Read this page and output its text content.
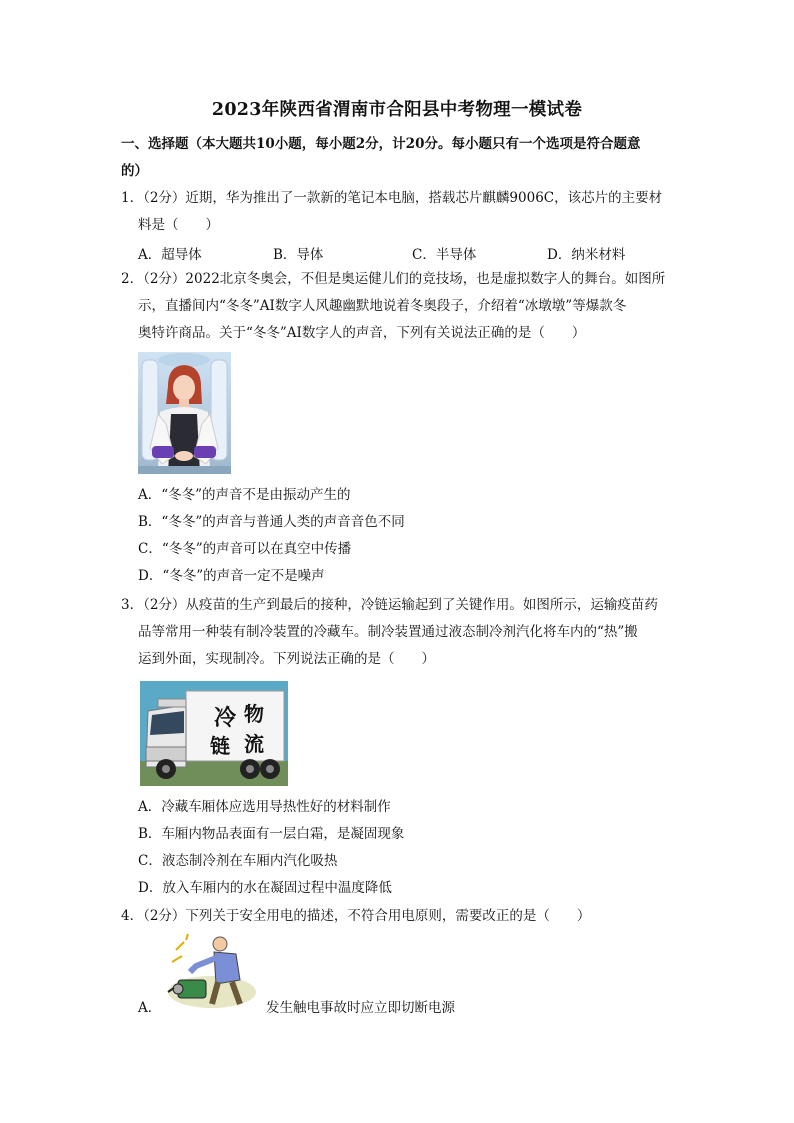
2023年陕西省渭南市合阳县中考物理一模试卷
一、选择题（本大题共10小题，每小题2分，计20分。每小题只有一个选项是符合题意
的）
1．（2分）近期，华为推出了一款新的笔记本电脑，搭载芯片麒麟9006C，该芯片的主要材
料是（　　）
A．超导体	B．导体	C．半导体	D．纳米材料
2．（2分）2022北京冬奥会，不但是奥运健儿们的竞技场，也是虚拟数字人的舞台。如图所
示，直播间内“冬冬”AI数字人风趣幽默地说着冬奥段子，介绍着“冰墩墩”等爆款冬
奥特许商品。关于“冬冬”AI数字人的声音，下列有关说法正确的是（　　）
A．“冬冬”的声音不是由振动产生的
B．“冬冬”的声音与普通人类的声音音色不同
C．“冬冬”的声音可以在真空中传播
D．“冬冬”的声音一定不是噪声
3．（2分）从疫苗的生产到最后的接种，冷链运输起到了关键作用。如图所示，运输疫苗药
品等常用一种装有制冷装置的冷藏车。制冷装置通过液态制冷剂汽化将车内的“热”搬
运到外面，实现制冷。下列说法正确的是（　　）
冷 物
链 流
A．冷藏车厢体应选用导热性好的材料制作
B．车厢内物品表面有一层白霜，是凝固现象
C．液态制冷剂在车厢内汽化吸热
D．放入车厢内的水在凝固过程中温度降低
4．（2分）下列关于安全用电的描述，不符合用电原则，需要改正的是（　　）
A．	发生触电事故时应立即切断电源
